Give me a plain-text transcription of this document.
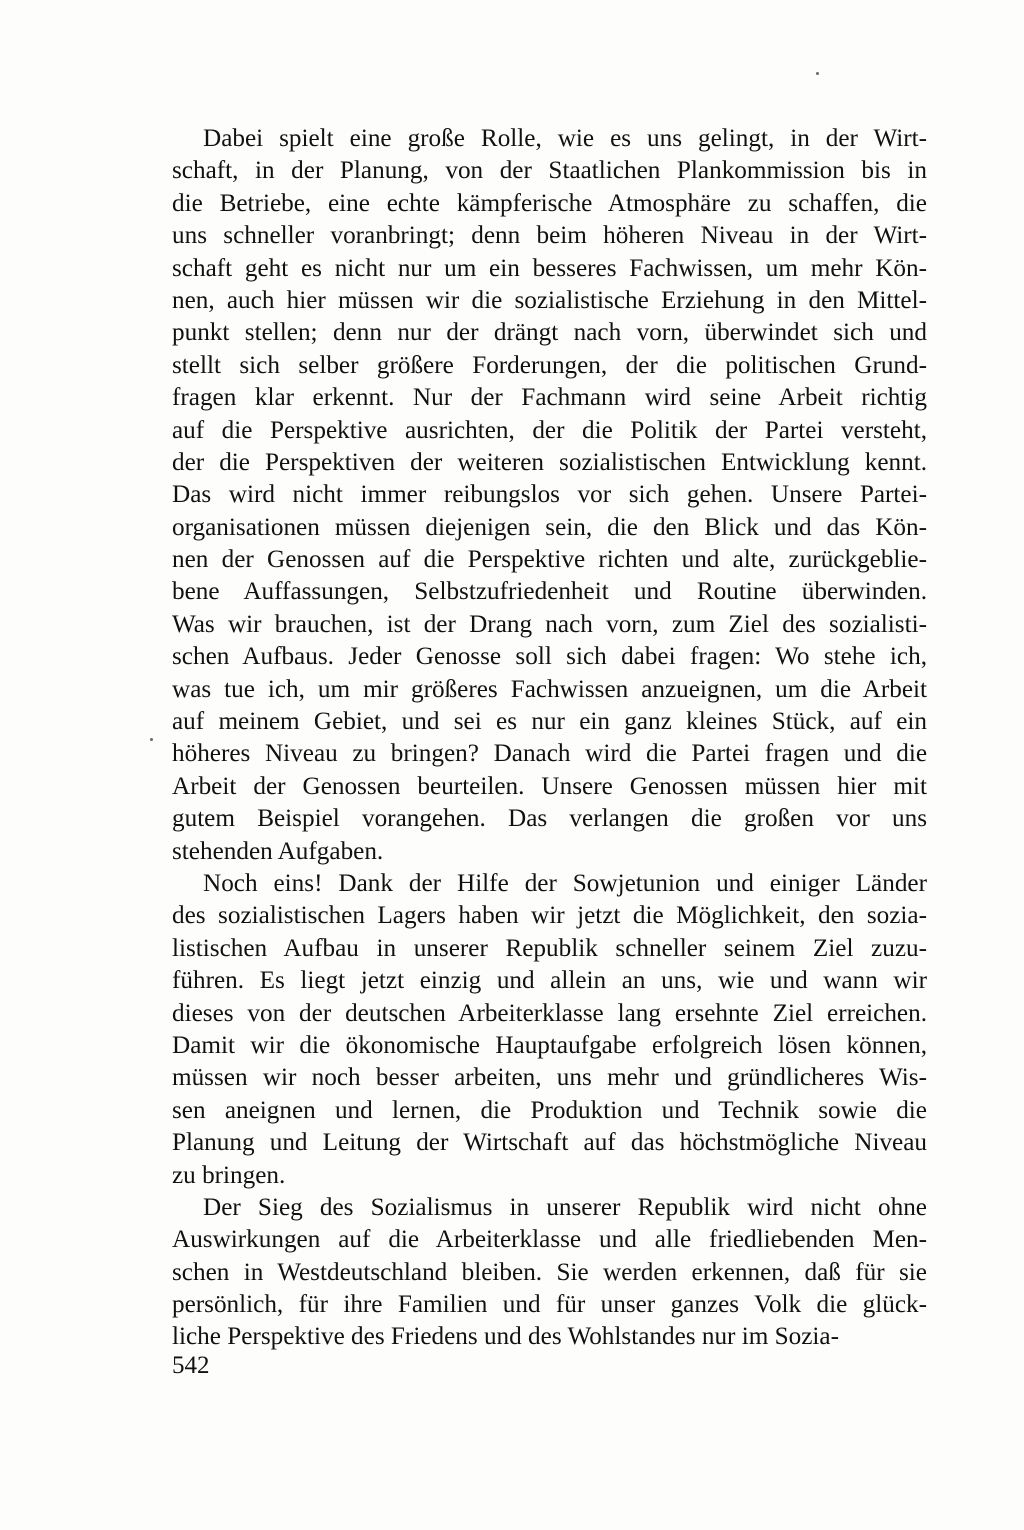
Dabei spielt eine große Rolle, wie es uns gelingt, in der Wirt-
schaft, in der Planung, von der Staatlichen Plankommission bis in
die Betriebe, eine echte kämpferische Atmosphäre zu schaffen, die
uns schneller voranbringt; denn beim höheren Niveau in der Wirt-
schaft geht es nicht nur um ein besseres Fachwissen, um mehr Kön-
nen, auch hier müssen wir die sozialistische Erziehung in den Mittel-
punkt stellen; denn nur der drängt nach vorn, überwindet sich und
stellt sich selber größere Forderungen, der die politischen Grund-
fragen klar erkennt. Nur der Fachmann wird seine Arbeit richtig
auf die Perspektive ausrichten, der die Politik der Partei versteht,
der die Perspektiven der weiteren sozialistischen Entwicklung kennt.
Das wird nicht immer reibungslos vor sich gehen. Unsere Partei-
organisationen müssen diejenigen sein, die den Blick und das Kön-
nen der Genossen auf die Perspektive richten und alte, zurückgeblie-
bene Auffassungen, Selbstzufriedenheit und Routine überwinden.
Was wir brauchen, ist der Drang nach vorn, zum Ziel des sozialisti-
schen Aufbaus. Jeder Genosse soll sich dabei fragen: Wo stehe ich,
was tue ich, um mir größeres Fachwissen anzueignen, um die Arbeit
auf meinem Gebiet, und sei es nur ein ganz kleines Stück, auf ein
höheres Niveau zu bringen? Danach wird die Partei fragen und die
Arbeit der Genossen beurteilen. Unsere Genossen müssen hier mit
gutem Beispiel vorangehen. Das verlangen die großen vor uns
stehenden Aufgaben.
Noch eins! Dank der Hilfe der Sowjetunion und einiger Länder
des sozialistischen Lagers haben wir jetzt die Möglichkeit, den sozia-
listischen Aufbau in unserer Republik schneller seinem Ziel zuzu-
führen. Es liegt jetzt einzig und allein an uns, wie und wann wir
dieses von der deutschen Arbeiterklasse lang ersehnte Ziel erreichen.
Damit wir die ökonomische Hauptaufgabe erfolgreich lösen können,
müssen wir noch besser arbeiten, uns mehr und gründlicheres Wis-
sen aneignen und lernen, die Produktion und Technik sowie die
Planung und Leitung der Wirtschaft auf das höchstmögliche Niveau
zu bringen.
Der Sieg des Sozialismus in unserer Republik wird nicht ohne
Auswirkungen auf die Arbeiterklasse und alle friedliebenden Men-
schen in Westdeutschland bleiben. Sie werden erkennen, daß für sie
persönlich, für ihre Familien und für unser ganzes Volk die glück-
liche Perspektive des Friedens und des Wohlstandes nur im Sozia-
542
